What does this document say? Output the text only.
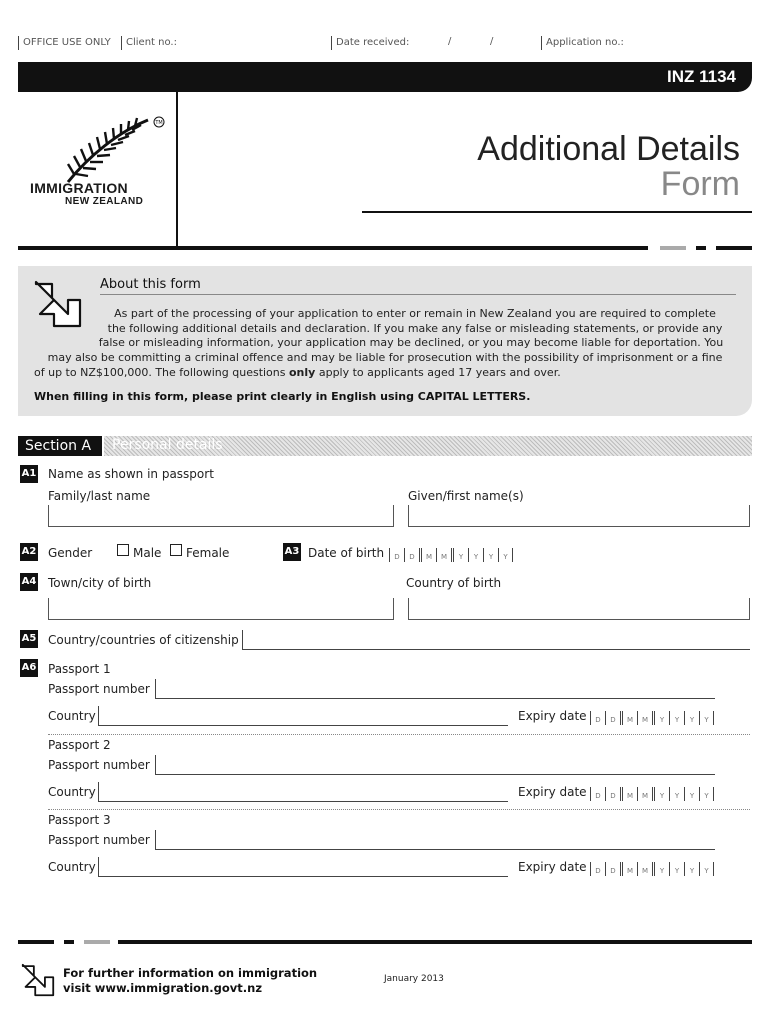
OFFICE USE ONLY Client no.:	Date received:	/	/	Application no.:
INZ 1134
TM
IMMIGRATION
NEW ZEALAND
Additional Details
Form
About this form
As part of the processing of your application to enter or remain in New Zealand you are required to complete
the following additional details and declaration. If you make any false or misleading statements, or provide any
false or misleading information, your application may be declined, or you may become liable for deportation. You
may also be committing a criminal offence and may be liable for prosecution with the possibility of imprisonment or a fine
of up to NZ$100,000. The following questions only apply to applicants aged 17 years and over.
When filling in this form, please print clearly in English using CAPITAL LETTERS.
Section A	Personal details
A1 Name as shown in passport
Family/last name	Given/first name(s)
A2 Gender	Male Female	A3 Date of birth	D	D	M	M	Y	Y	Y	Y
A4 Town/city of birth	Country of birth
A5 Country/countries of citizenship
A6 Passport 1
Passport number
Country	Expiry date	D	D	M	M	Y	Y	Y	Y
Passport 2
Passport number
Country	Expiry date	D	D	M	M	Y	Y	Y	Y
Passport 3
Passport number
Country	Expiry date	D	D	M	M	Y	Y	Y	Y
For further information on immigration
visit www.immigration.govt.nz
January 2013
